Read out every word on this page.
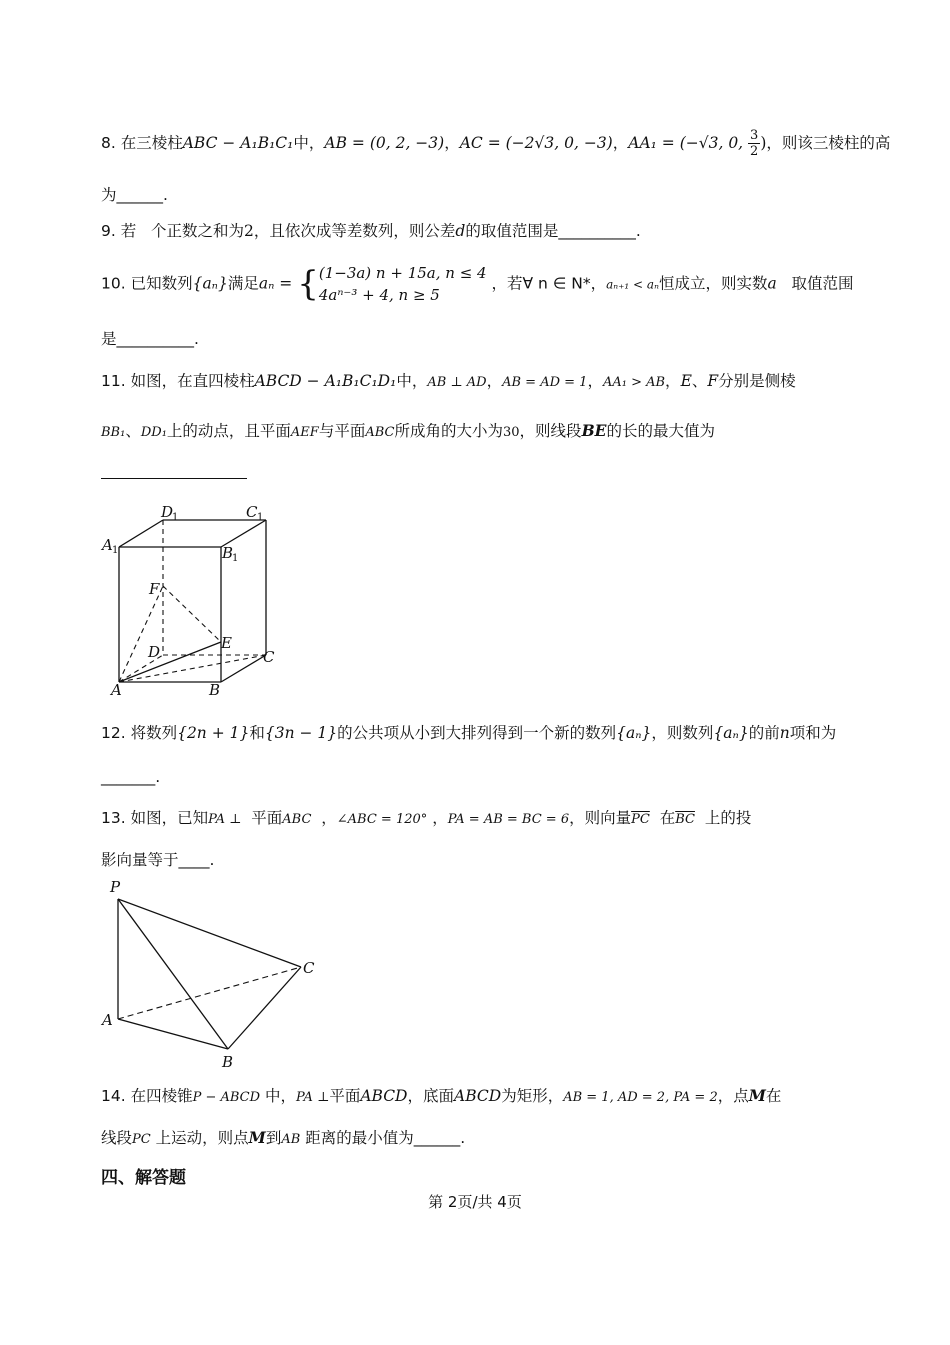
8. 在三棱柱ABC − A₁B₁C₁中，AB = (0, 2, −3)，AC = (−2√3, 0, −3)，AA₁ = (−√3, 0, $\frac{3}{2}$ )，则该三棱柱的高
为______.
9. 若 个正数之和为2，且依次成等差数列，则公差d的取值范围是__________.
10. 已知数列{aₙ}满足aₙ = { (1−3a) n + 15a, n ≤ 4
4aⁿ⁻³ + 4, n ≥ 5
，若∀ n ∈ N*，aₙ₊₁ < aₙ恒成立，则实数a 取值范围
是__________.
11. 如图，在直四棱柱ABCD − A₁B₁C₁D₁中，AB ⊥ AD，AB = AD = 1，AA₁ > AB，E、F分别是侧棱
BB₁、DD₁上的动点，且平面AEF与平面ABC所成角的大小为30，则线段BE的长的最大值为
D
1	C 1
A 1	B
1
F
E
D	C
A	B
12. 将数列{2n + 1}和{3n − 1}的公共项从小到大排列得到一个新的数列{aₙ}，则数列{aₙ}的前n项和为
_______.
13. 如图，已知PA ⊥ 平面ABC ，∠ABC = 120° ，PA = AB = BC = 6，则向量$\overline{PC}$ 在$\overline{BC}$ 上的投
影向量等于____.
P
A
B
C
14. 在四棱锥P − ABCD 中，PA ⊥平面ABCD，底面ABCD为矩形，AB = 1, AD = 2, PA = 2，点M在
线段PC 上运动，则点M到AB 距离的最小值为______.
四、解答题
第 2页/共 4页
